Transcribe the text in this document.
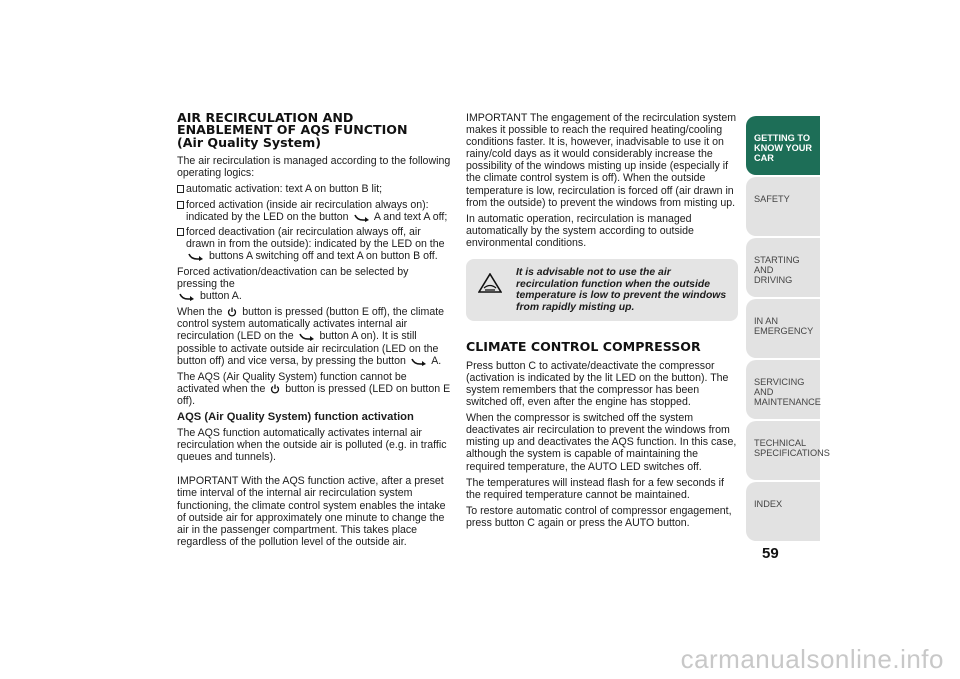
AIR RECIRCULATION AND
ENABLEMENT OF AQS FUNCTION
(Air Quality System)

The air recirculation is managed according to the following operating logics:

automatic activation: text A on button B lit;
forced activation (inside air recirculation always on): indicated by the LED on the button A and text A off;
forced deactivation (air recirculation always off, air drawn in from the outside): indicated by the LED on the  buttons A switching off and text A on button B off.

Forced activation/deactivation can be selected by pressing the
button A.

When the button is pressed (button E off), the climate control system automatically activates internal air recirculation (LED on the button A on). It is still possible to activate outside air recirculation (LED on the button off) and vice versa, by pressing the button A.

The AQS (Air Quality System) function cannot be activated when the button is pressed (LED on button E off).

AQS (Air Quality System) function activation

The AQS function automatically activates internal air recirculation when the outside air is polluted (e.g. in traffic queues and tunnels).

IMPORTANT With the AQS function active, after a preset time interval of the internal air recirculation system functioning, the climate control system enables the intake of outside air for approximately one minute to change the air in the passenger compartment. This takes place regardless of the pollution level of the outside air.

IMPORTANT The engagement of the recirculation system makes it possible to reach the required heating/cooling conditions faster. It is, however, inadvisable to use it on rainy/cold days as it would considerably increase the possibility of the windows misting up inside (especially if the climate control system is off). When the outside temperature is low, recirculation is forced off (air drawn in from the outside) to prevent the windows from misting up.

In automatic operation, recirculation is managed automatically by the system according to outside environmental conditions.

It is advisable not to use the air recirculation function when the outside temperature is low to prevent the windows from rapidly misting up.
CLIMATE CONTROL COMPRESSOR

Press button C to activate/deactivate the compressor (activation is indicated by the lit LED on the button). The system remembers that the compressor has been switched off, even after the engine has stopped.

When the compressor is switched off the system deactivates air recirculation to prevent the windows from misting up and deactivates the AQS function. In this case, although the system is capable of maintaining the required temperature, the AUTO LED switches off.

The temperatures will instead flash for a few seconds if the required temperature cannot be maintained.

To restore automatic control of compressor engagement, press button C again or press the AUTO button.

GETTING TO
KNOW YOUR CAR
SAFETY
STARTING AND
DRIVING
IN AN EMERGENCY
SERVICING AND
MAINTENANCE
TECHNICAL
SPECIFICATIONS
INDEX
59
carmanualsonline.info
